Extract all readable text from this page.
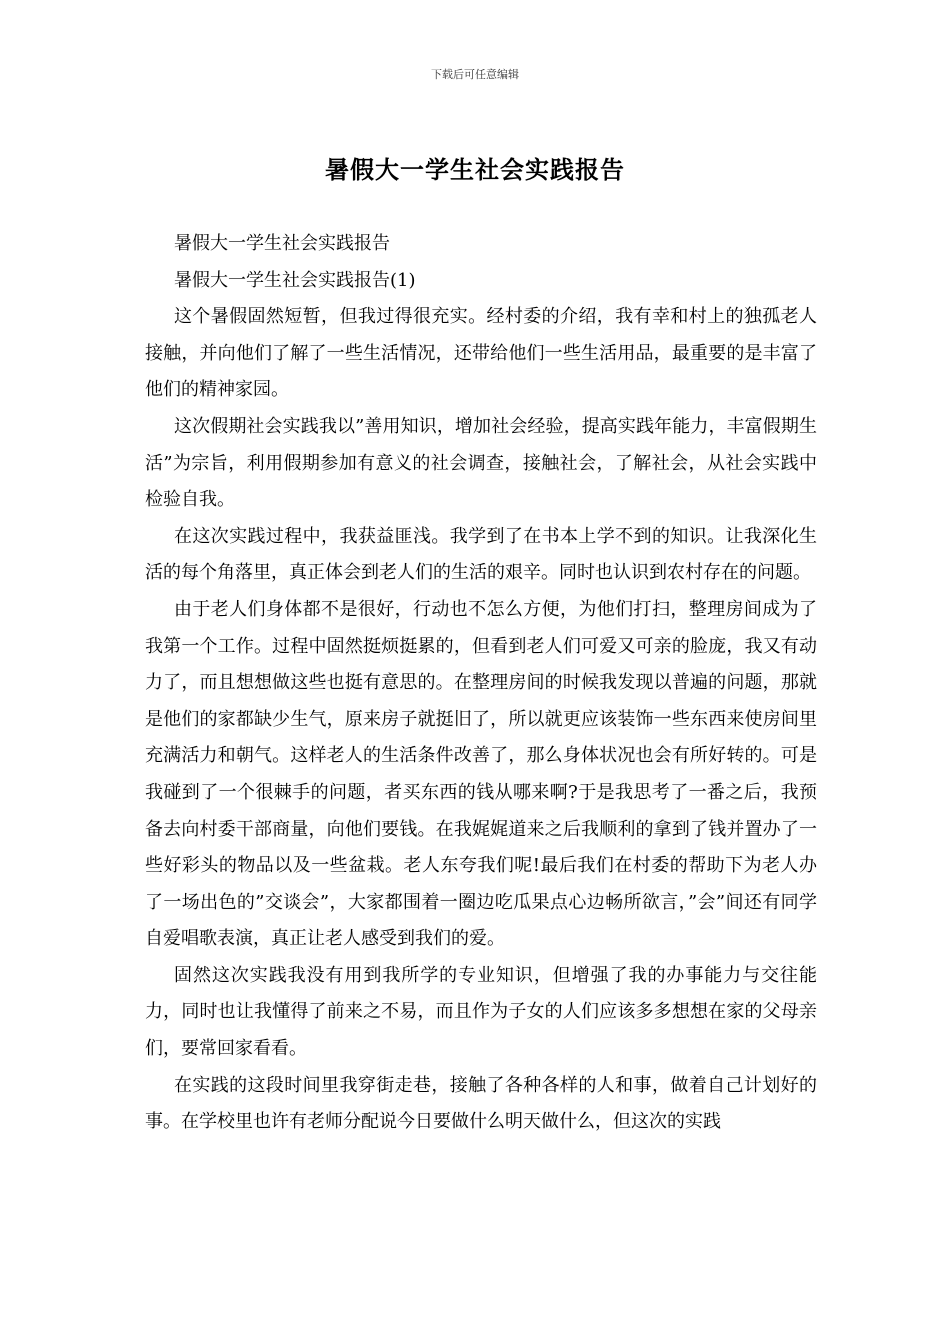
下载后可任意编辑
暑假大一学生社会实践报告

暑假大一学生社会实践报告

暑假大一学生社会实践报告(1)

这个暑假固然短暂，但我过得很充实。经村委的介绍，我有幸和村上的独孤老人接触，并向他们了解了一些生活情况，还带给他们一些生活用品，最重要的是丰富了他们的精神家园。

这次假期社会实践我以”善用知识，增加社会经验，提高实践年能力，丰富假期生活”为宗旨，利用假期参加有意义的社会调查，接触社会，了解社会，从社会实践中检验自我。

在这次实践过程中，我获益匪浅。我学到了在书本上学不到的知识。让我深化生活的每个角落里，真正体会到老人们的生活的艰辛。同时也认识到农村存在的问题。

由于老人们身体都不是很好，行动也不怎么方便，为他们打扫，整理房间成为了我第一个工作。过程中固然挺烦挺累的，但看到老人们可爱又可亲的脸庞，我又有动力了，而且想想做这些也挺有意思的。在整理房间的时候我发现以普遍的问题，那就是他们的家都缺少生气，原来房子就挺旧了，所以就更应该装饰一些东西来使房间里充满活力和朝气。这样老人的生活条件改善了，那么身体状况也会有所好转的。可是我碰到了一个很棘手的问题，者买东西的钱从哪来啊?于是我思考了一番之后，我预备去向村委干部商量，向他们要钱。在我娓娓道来之后我顺利的拿到了钱并置办了一些好彩头的物品以及一些盆栽。老人东夸我们呢!最后我们在村委的帮助下为老人办了一场出色的”交谈会”，大家都围着一圈边吃瓜果点心边畅所欲言，”会”间还有同学自爱唱歌表演，真正让老人感受到我们的爱。

固然这次实践我没有用到我所学的专业知识，但增强了我的办事能力与交往能力，同时也让我懂得了前来之不易，而且作为子女的人们应该多多想想在家的父母亲们，要常回家看看。

在实践的这段时间里我穿街走巷，接触了各种各样的人和事，做着自己计划好的事。在学校里也许有老师分配说今日要做什么明天做什么，但这次的实践
